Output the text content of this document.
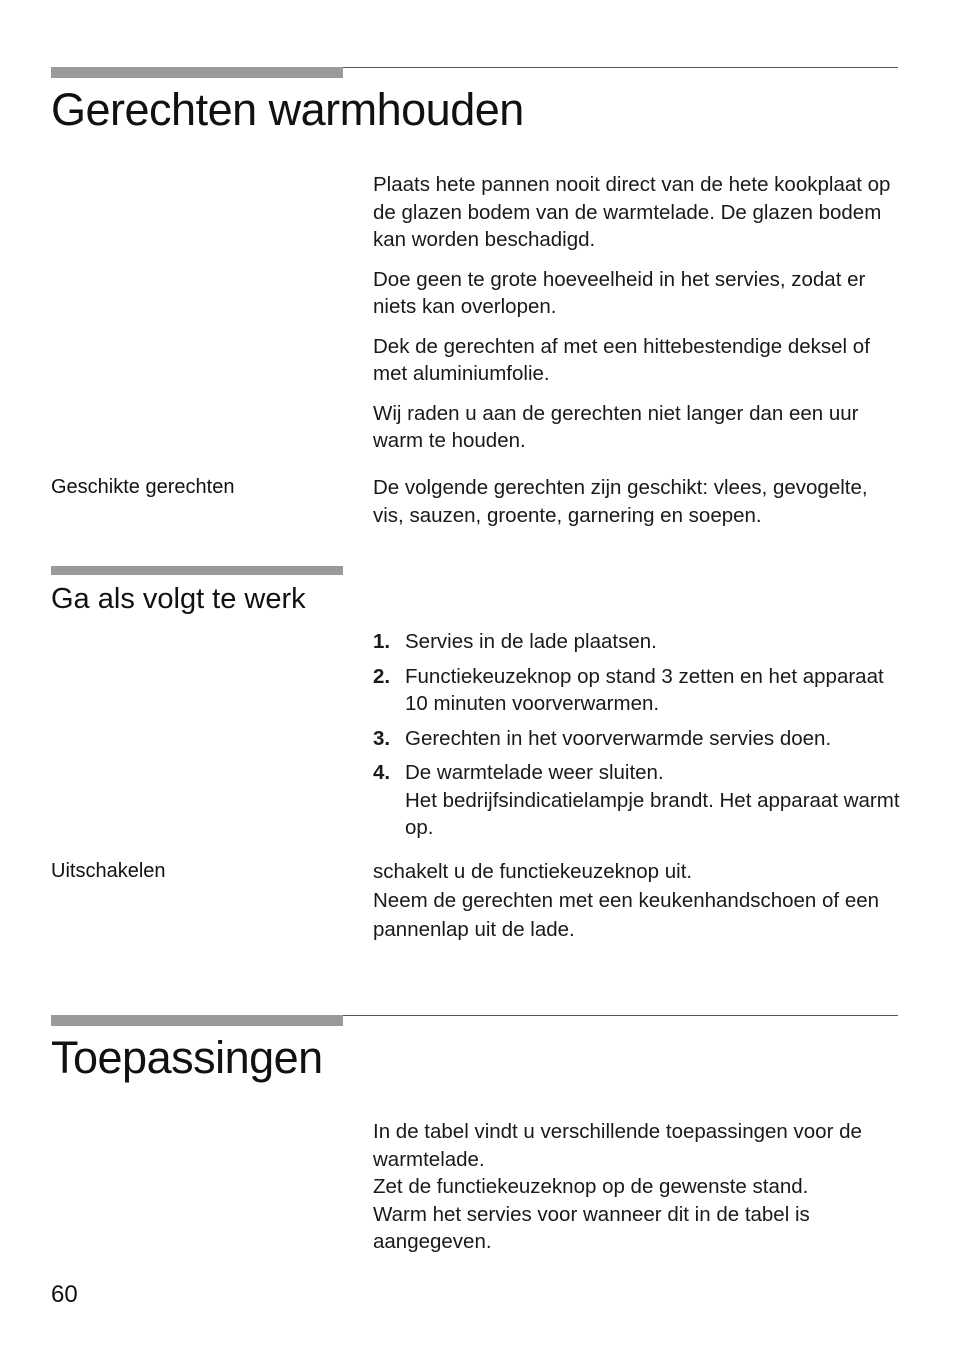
Gerechten warmhouden

Plaats hete pannen nooit direct van de hete kookplaat op de glazen bodem van de warmtelade. De glazen bodem kan worden beschadigd.

Doe geen te grote hoeveelheid in het servies, zodat er niets kan overlopen.

Dek de gerechten af met een hittebestendige deksel of met aluminiumfolie.

Wij raden u aan de gerechten niet langer dan een uur warm te houden.

Geschikte gerechten	De volgende gerechten zijn geschikt: vlees, gevogelte, vis, sauzen, groente, garnering en soepen.

Ga als volgt te werk
1. Servies in de lade plaatsen.
2. Functiekeuzeknop op stand 3 zetten en het apparaat 10 minuten voorverwarmen.
3. Gerechten in het voorverwarmde servies doen.
4. De warmtelade weer sluiten.
Het bedrijfsindicatielampje brandt. Het apparaat warmt op.
Uitschakelen	schakelt u de functiekeuzeknop uit.
Neem de gerechten met een keukenhandschoen of een pannenlap uit de lade.
Toepassingen
In de tabel vindt u verschillende toepassingen voor de warmtelade.
Zet de functiekeuzeknop op de gewenste stand.
Warm het servies voor wanneer dit in de tabel is aangegeven.
60
